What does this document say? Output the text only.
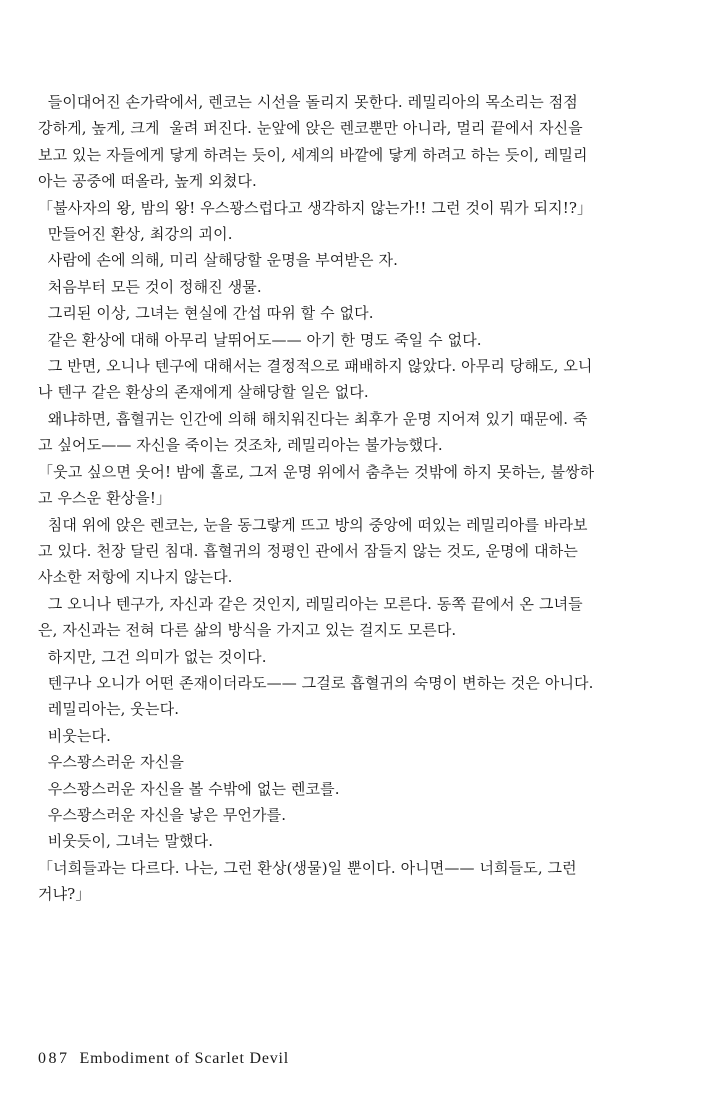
들이대어진 손가락에서, 렌코는 시선을 돌리지 못한다. 레밀리아의 목소리는 점점

강하게, 높게, 크게  울려 퍼진다. 눈앞에 앉은 렌코뿐만 아니라, 멀리 끝에서 자신을

보고 있는 자들에게 닿게 하려는 듯이, 세계의 바깥에 닿게 하려고 하는 듯이, 레밀리

아는 공중에 떠올라, 높게 외쳤다.

「불사자의 왕, 밤의 왕! 우스꽝스럽다고 생각하지 않는가!! 그런 것이 뭐가 되지!?」

만들어진 환상, 최강의 괴이.

사람에 손에 의해, 미리 살해당할 운명을 부여받은 자.

처음부터 모든 것이 정해진 생물.

그리된 이상, 그녀는 현실에 간섭 따위 할 수 없다.

같은 환상에 대해 아무리 날뛰어도—— 아기 한 명도 죽일 수 없다.

그 반면, 오니나 텐구에 대해서는 결정적으로 패배하지 않았다. 아무리 당해도, 오니

나 텐구 같은 환상의 존재에게 살해당할 일은 없다.

왜냐하면, 흡혈귀는 인간에 의해 해치워진다는 최후가 운명 지어져 있기 때문에. 죽

고 싶어도—— 자신을 죽이는 것조차, 레밀리아는 불가능했다.

「웃고 싶으면 웃어! 밤에 홀로, 그저 운명 위에서 춤추는 것밖에 하지 못하는, 불쌍하

고 우스운 환상을!」

침대 위에 앉은 렌코는, 눈을 동그랗게 뜨고 방의 중앙에 떠있는 레밀리아를 바라보

고 있다. 천장 달린 침대. 흡혈귀의 정평인 관에서 잠들지 않는 것도, 운명에 대하는

사소한 저항에 지나지 않는다.

그 오니나 텐구가, 자신과 같은 것인지, 레밀리아는 모른다. 동쪽 끝에서 온 그녀들

은, 자신과는 전혀 다른 삶의 방식을 가지고 있는 걸지도 모른다.

하지만, 그건 의미가 없는 것이다.

텐구나 오니가 어떤 존재이더라도—— 그걸로 흡혈귀의 숙명이 변하는 것은 아니다.

레밀리아는, 웃는다.

비웃는다.

우스꽝스러운 자신을

우스꽝스러운 자신을 볼 수밖에 없는 렌코를.

우스꽝스러운 자신을 낳은 무언가를.

비웃듯이, 그녀는 말했다.

「너희들과는 다르다. 나는, 그런 환상(생물)일 뿐이다. 아니면—— 너희들도, 그런

거냐?」

087 Embodiment of Scarlet Devil
